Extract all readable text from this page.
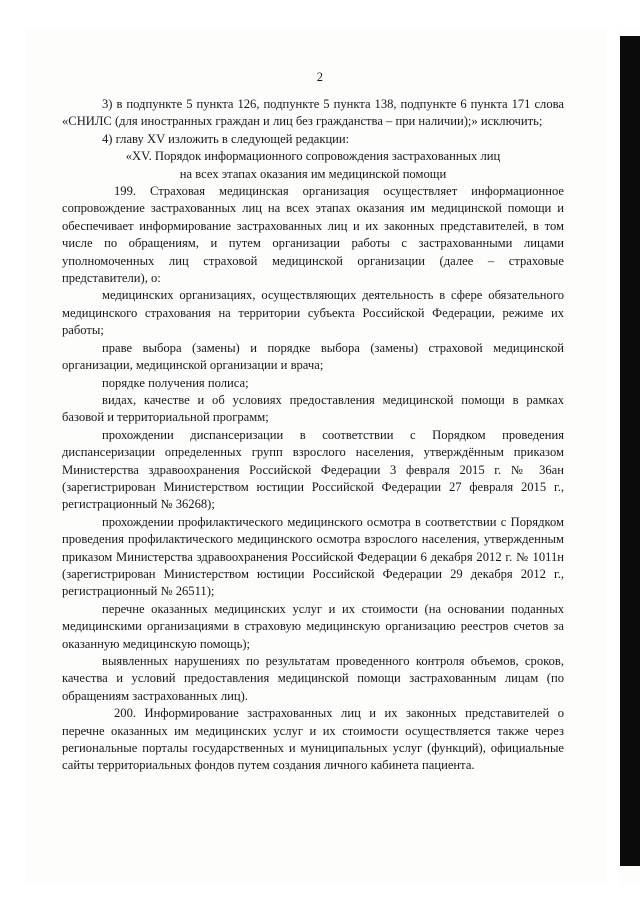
2

3) в подпункте 5 пункта 126, подпункте 5 пункта 138, подпункте 6 пункта 171 слова «СНИЛС (для иностранных граждан и лиц без гражданства – при наличии);» исключить;

4) главу XV изложить в следующей редакции:

«XV. Порядок информационного сопровождения застрахованных лиц

на всех этапах оказания им медицинской помощи

199. Страховая медицинская организация осуществляет информационное сопровождение застрахованных лиц на всех этапах оказания им медицинской помощи и обеспечивает информирование застрахованных лиц и их законных представителей, в том числе по обращениям, и путем организации работы с застрахованными лицами уполномоченных лиц страховой медицинской организации (далее – страховые представители), о:

медицинских организациях, осуществляющих деятельность в сфере обязательного медицинского страхования на территории субъекта Российской Федерации, режиме их работы;

праве выбора (замены) и порядке выбора (замены) страховой медицинской организации, медицинской организации и врача;

порядке получения полиса;

видах, качестве и об условиях предоставления медицинской помощи в рамках базовой и территориальной программ;

прохождении диспансеризации в соответствии с Порядком проведения диспансеризации определенных групп взрослого населения, утверждённым приказом Министерства здравоохранения Российской Федерации 3 февраля 2015 г. № 36ан (зарегистрирован Министерством юстиции Российской Федерации 27 февраля 2015 г., регистрационный № 36268);

прохождении профилактического медицинского осмотра в соответствии с Порядком проведения профилактического медицинского осмотра взрослого населения, утвержденным приказом Министерства здравоохранения Российской Федерации 6 декабря 2012 г. № 1011н (зарегистрирован Министерством юстиции Российской Федерации 29 декабря 2012 г., регистрационный № 26511);

перечне оказанных медицинских услуг и их стоимости (на основании поданных медицинскими организациями в страховую медицинскую организацию реестров счетов за оказанную медицинскую помощь);

выявленных нарушениях по результатам проведенного контроля объемов, сроков, качества и условий предоставления медицинской помощи застрахованным лицам (по обращениям застрахованных лиц).

200. Информирование застрахованных лиц и их законных представителей о перечне оказанных им медицинских услуг и их стоимости осуществляется также через региональные порталы государственных и муниципальных услуг (функций), официальные сайты территориальных фондов путем создания личного кабинета пациента.
